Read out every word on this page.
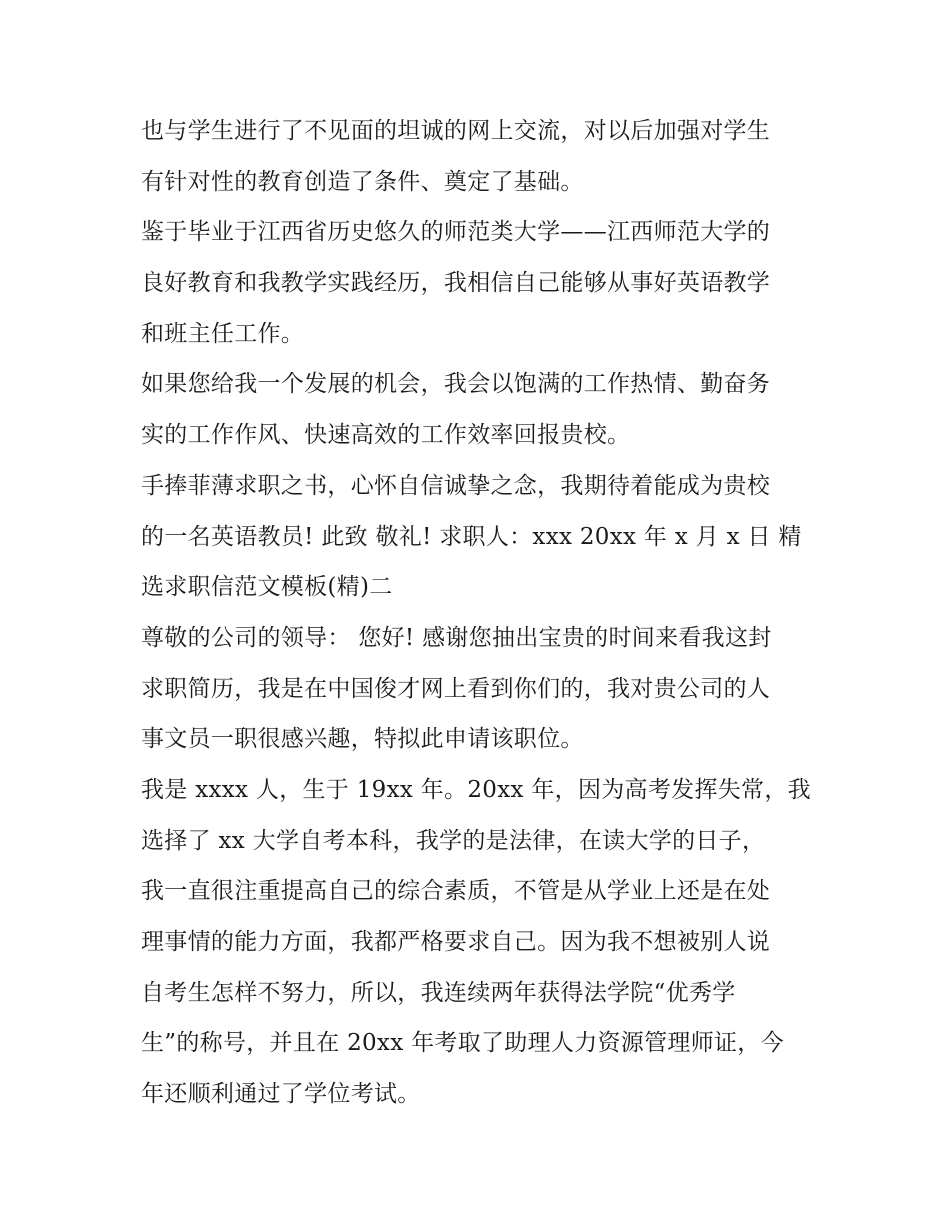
也与学生进行了不见面的坦诚的网上交流，对以后加强对学生
有针对性的教育创造了条件、奠定了基础。
鉴于毕业于江西省历史悠久的师范类大学——江西师范大学的
良好教育和我教学实践经历，我相信自己能够从事好英语教学
和班主任工作。
如果您给我一个发展的机会，我会以饱满的工作热情、勤奋务
实的工作作风、快速高效的工作效率回报贵校。
手捧菲薄求职之书，心怀自信诚挚之念，我期待着能成为贵校
的一名英语教员! 此致 敬礼! 求职人：xxx 20xx 年 x 月 x 日 精
选求职信范文模板(精)二
尊敬的公司的领导： 您好! 感谢您抽出宝贵的时间来看我这封
求职简历，我是在中国俊才网上看到你们的，我对贵公司的人
事文员一职很感兴趣，特拟此申请该职位。
我是 xxxx 人，生于 19xx 年。20xx 年，因为高考发挥失常，我
选择了 xx 大学自考本科，我学的是法律，在读大学的日子，
我一直很注重提高自己的综合素质，不管是从学业上还是在处
理事情的能力方面，我都严格要求自己。因为我不想被别人说
自考生怎样不努力，所以，我连续两年获得法学院“优秀学
生”的称号，并且在 20xx 年考取了助理人力资源管理师证，今
年还顺利通过了学位考试。
